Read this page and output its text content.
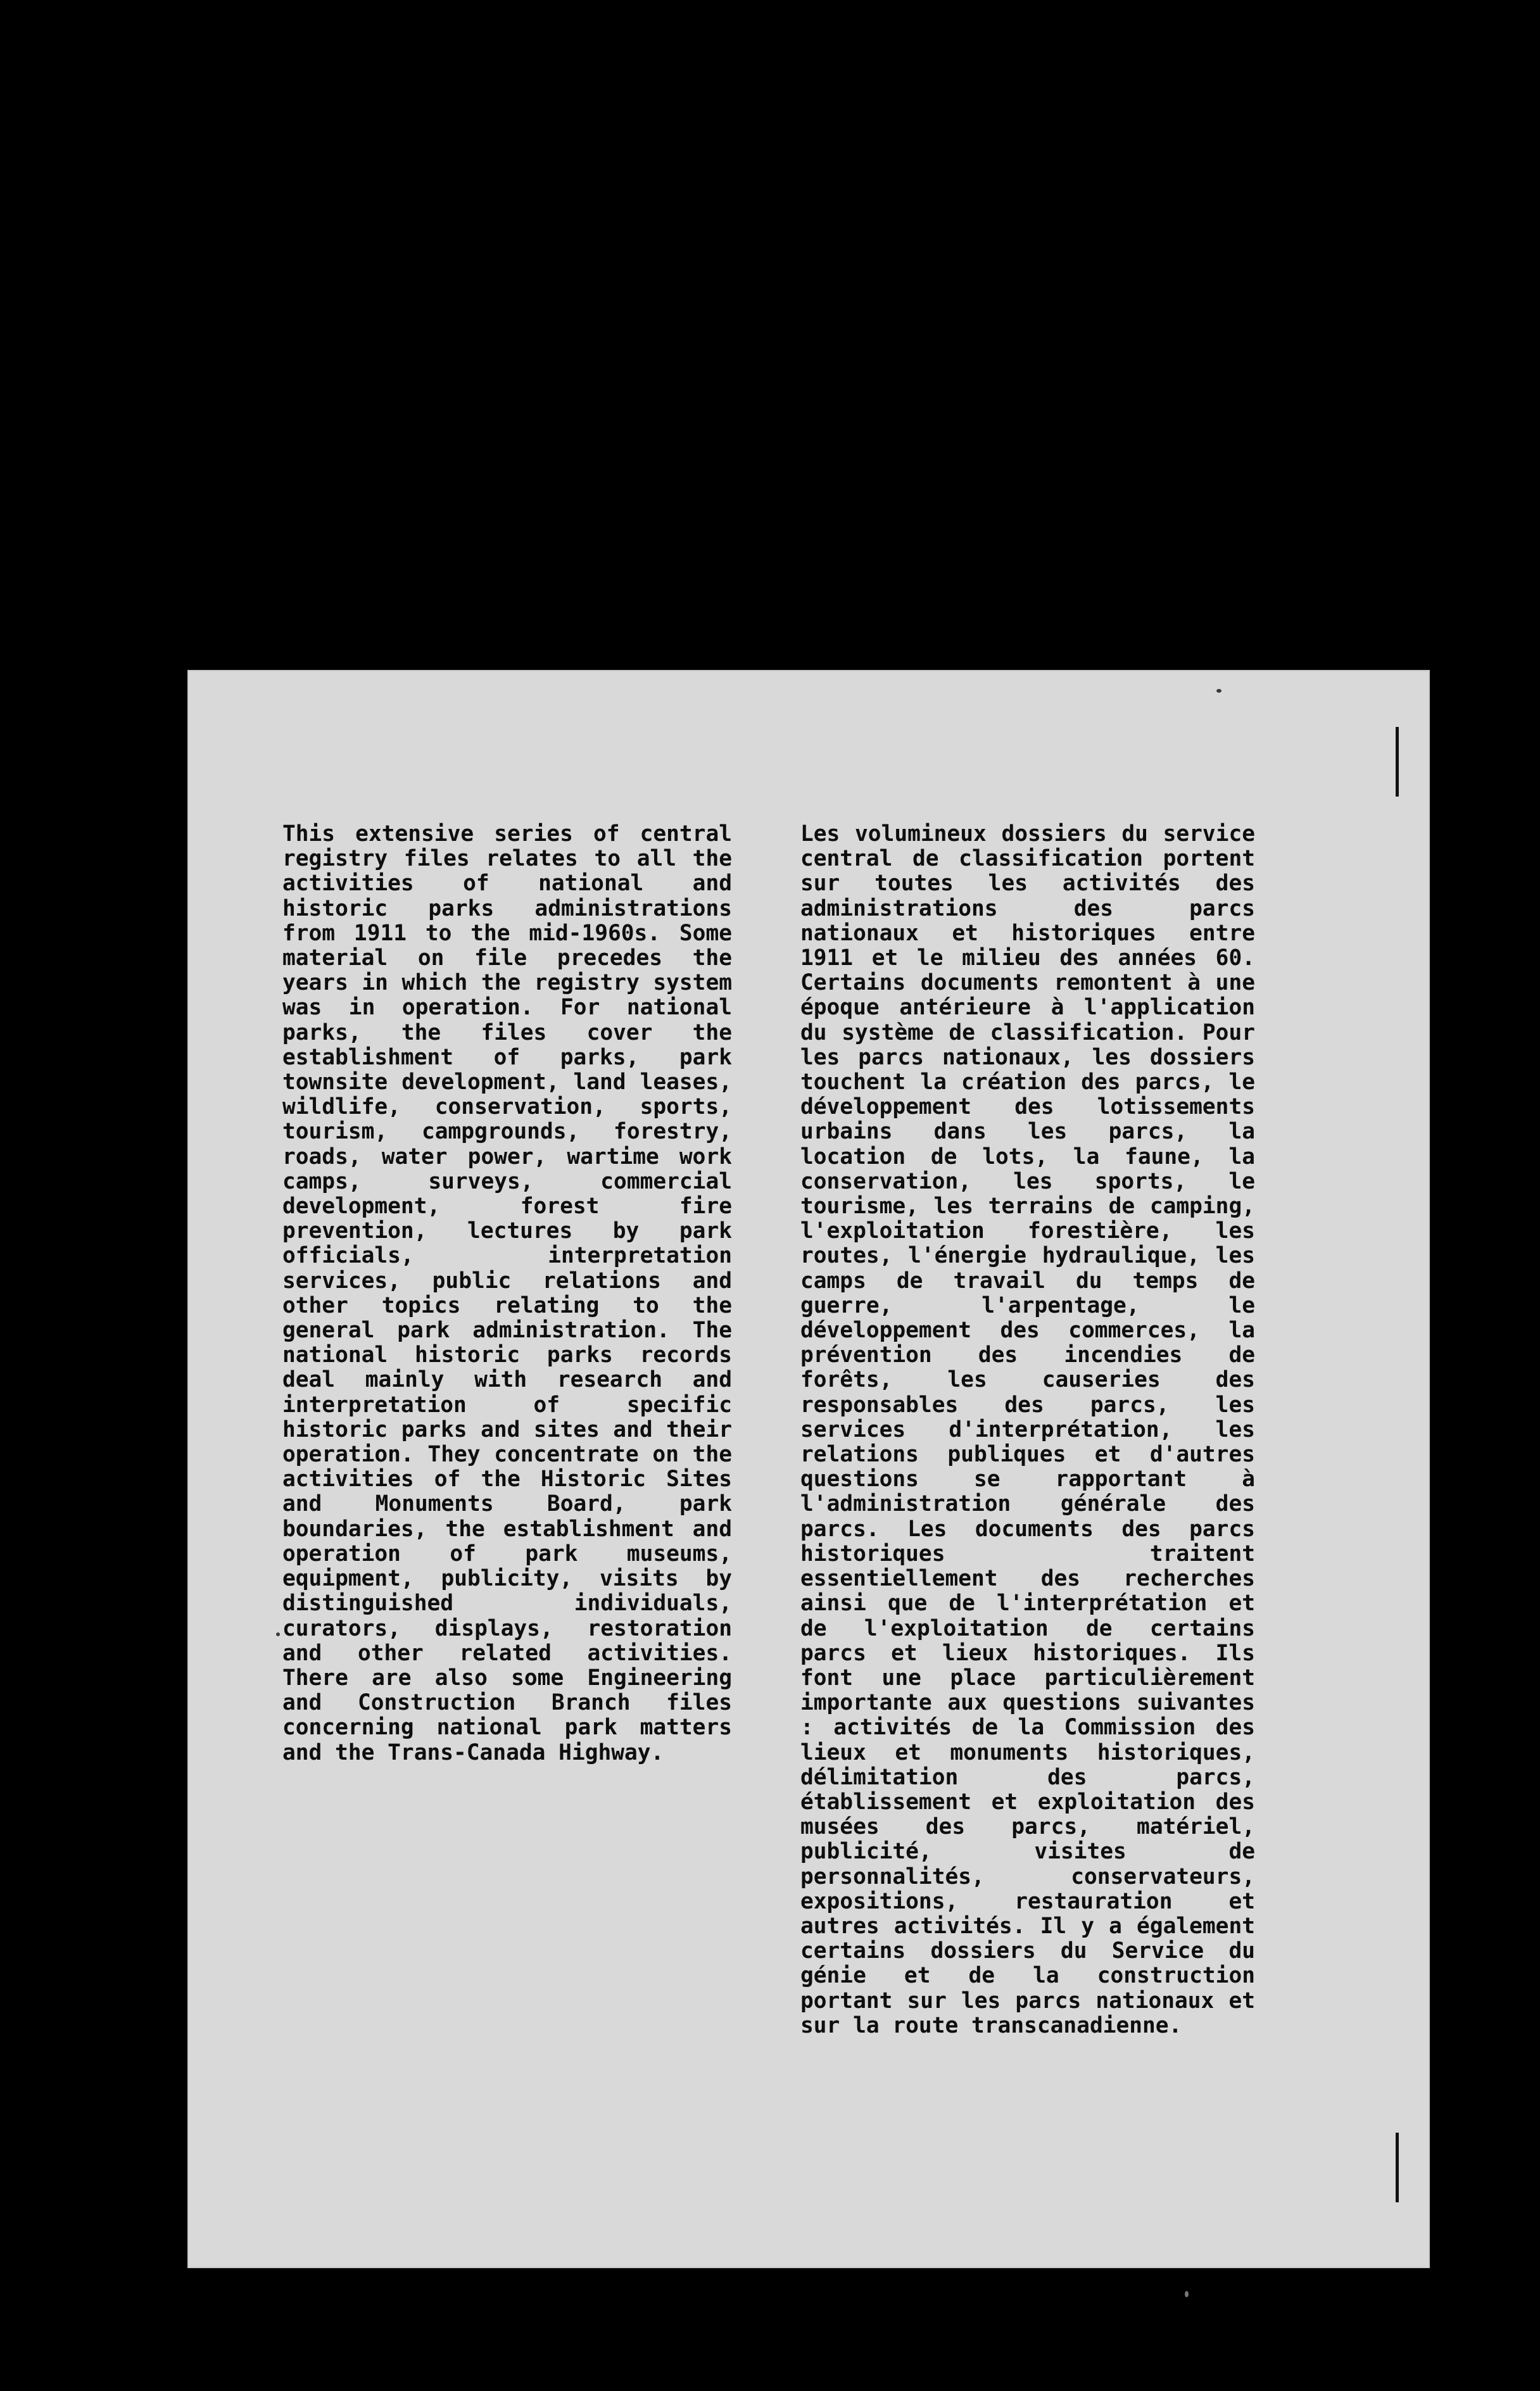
This extensive series of central registry files relates to all the activities of national and historic parks administrations from 1911 to the mid-1960s. Some material on file precedes the years in which the registry system was in operation. For national parks, the files cover the establishment of parks, park townsite development, land leases, wildlife, conservation, sports, tourism, campgrounds, forestry, roads, water power, wartime work camps, surveys, commercial development, forest fire prevention, lectures by park officials, interpretation services, public relations and other topics relating to the general park administration. The national historic parks records deal mainly with research and interpretation of specific historic parks and sites and their operation. They concentrate on the activities of the Historic Sites and Monuments Board, park boundaries, the establishment and operation of park museums, equipment, publicity, visits by distinguished individuals, curators, displays, restoration and other related activities. There are also some Engineering and Construction Branch files concerning national park matters and the Trans-Canada Highway.
Les volumineux dossiers du service central de classification portent sur toutes les activités des administrations des parcs nationaux et historiques entre 1911 et le milieu des années 60. Certains documents remontent à une époque antérieure à l'application du système de classification. Pour les parcs nationaux, les dossiers touchent la création des parcs, le développement des lotissements urbains dans les parcs, la location de lots, la faune, la conservation, les sports, le tourisme, les terrains de camping, l'exploitation forestière, les routes, l'énergie hydraulique, les camps de travail du temps de guerre, l'arpentage, le développement des commerces, la prévention des incendies de forêts, les causeries des responsables des parcs, les services d'interprétation, les relations publiques et d'autres questions se rapportant à l'administration générale des parcs. Les documents des parcs historiques traitent essentiellement des recherches ainsi que de l'interprétation et de l'exploitation de certains parcs et lieux historiques. Ils font une place particulièrement importante aux questions suivantes : activités de la Commission des lieux et monuments historiques, délimitation des parcs, établissement et exploitation des musées des parcs, matériel, publicité, visites de personnalités, conservateurs, expositions, restauration et autres activités. Il y a également certains dossiers du Service du génie et de la construction portant sur les parcs nationaux et sur la route transcanadienne.
